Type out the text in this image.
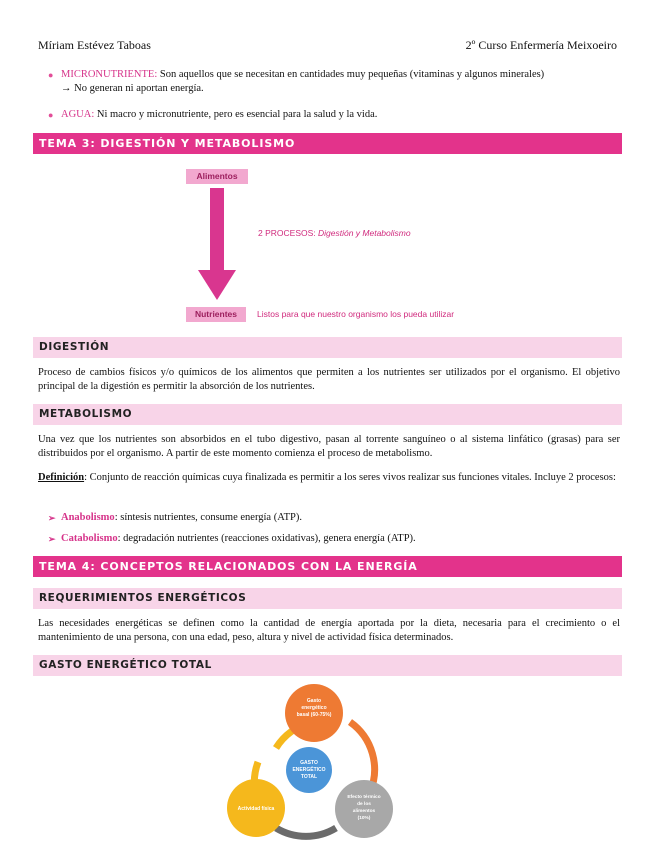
Míriam Estévez Taboas	2º Curso Enfermería Meixoeiro
● MICRONUTRIENTE: Son aquellos que se necesitan en cantidades muy pequeñas (vitaminas y algunos minerales)
→ No generan ni aportan energía.
● AGUA: Ni macro y micronutriente, pero es esencial para la salud y la vida.
TEMA 3: DIGESTIÓN Y METABOLISMO
Alimentos
2 PROCESOS: Digestión y Metabolismo
Nutrientes	Listos para que nuestro organismo los pueda utilizar
DIGESTIÓN
Proceso de cambios físicos y/o químicos de los alimentos que permiten a los nutrientes ser utilizados por el organismo. El objetivo principal de la digestión es permitir la absorción de los nutrientes.
METABOLISMO
Una vez que los nutrientes son absorbidos en el tubo digestivo, pasan al torrente sanguíneo o al sistema linfático (grasas) para ser distribuidos por el organismo. A partir de este momento comienza el proceso de metabolismo.
Definición: Conjunto de reacción químicas cuya finalizada es permitir a los seres vivos realizar sus funciones vitales. Incluye 2 procesos:
➢ Anabolismo: síntesis nutrientes, consume energía (ATP).
➢ Catabolismo: degradación nutrientes (reacciones oxidativas), genera energía (ATP).
TEMA 4: CONCEPTOS RELACIONADOS CON LA ENERGÍA
REQUERIMIENTOS ENERGÉTICOS
Las necesidades energéticas se definen como la cantidad de energía aportada por la dieta, necesaria para el crecimiento o el mantenimiento de una persona, con una edad, peso, altura y nivel de actividad física determinados.
GASTO ENERGÉTICO TOTAL
Gasto
energético
basal (60-75%)
Efecto térmico
de los
alimentos
(10%)
Actividad física
GASTO
ENERGÉTICO
TOTAL
